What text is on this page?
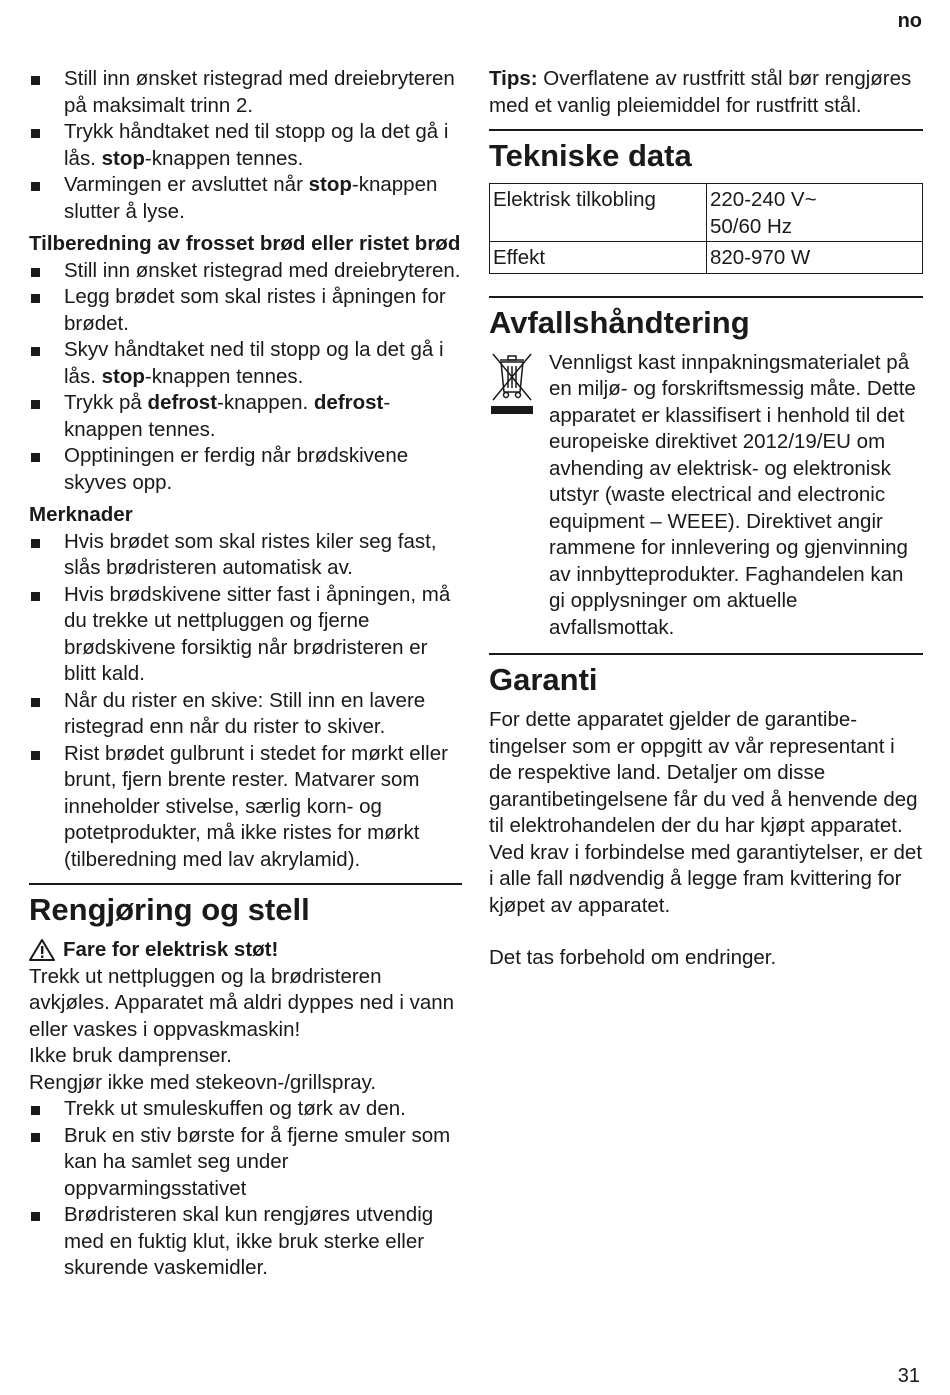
no
Still inn ønsket ristegrad med dreiebryteren på maksimalt trinn 2.
Trykk håndtaket ned til stopp og la det gå i lås. stop-knappen tennes.
Varmingen er avsluttet når stop-knappen slutter å lyse.
Tilberedning av frosset brød eller ristet brød
Still inn ønsket ristegrad med dreiebryteren.
Legg brødet som skal ristes i åpningen for brødet.
Skyv håndtaket ned til stopp og la det gå i lås. stop-knappen tennes.
Trykk på defrost-knappen. defrost-knappen tennes.
Opptiningen er ferdig når brødskivene skyves opp.
Merknader
Hvis brødet som skal ristes kiler seg fast, slås brødristeren automatisk av.
Hvis brødskivene sitter fast i åpningen, må du trekke ut nettpluggen og fjerne brødskivene forsiktig når brødristeren er blitt kald.
Når du rister en skive: Still inn en lavere ristegrad enn når du rister to skiver.
Rist brødet gulbrunt i stedet for mørkt eller brunt, fjern brente rester. Matvarer som inneholder stivelse, særlig korn- og potetprodukter, må ikke ristes for mørkt (tilberedning med lav akrylamid).
Rengjøring og stell
Fare for elektrisk støt!

Trekk ut nettpluggen og la brødristeren avkjøles. Apparatet må aldri dyppes ned i vann eller vaskes i oppvaskmaskin!

Ikke bruk damprenser.

Rengjør ikke med stekeovn-/grillspray.

Trekk ut smuleskuffen og tørk av den.
Bruk en stiv børste for å fjerne smuler som kan ha samlet seg under oppvarmingsstativet
Brødristeren skal kun rengjøres utvendig med en fuktig klut, ikke bruk sterke eller skurende vaskemidler.

Tips: Overflatene av rustfritt stål bør rengjøres med et vanlig pleiemiddel for rustfritt stål.

Tekniske data
Elektrisk tilkobling	220-240 V~
50/60 Hz

Effekt	820-970 W
Avfallshåndtering

Vennligst kast innpakningsmaterialet på en miljø- og forskriftsmessig måte. Dette apparatet er klassifisert i henhold til det europeiske direktivet 2012/19/EU om avhending av elektrisk- og elektronisk utstyr (waste electrical and electronic equipment – WEEE). Direktivet angir rammene for innlevering og gjenvinning av innbytteprodukter. Faghandelen kan gi opplysninger om aktuelle avfallsmottak.

Garanti

For dette apparatet gjelder de garantibetingelser som er oppgitt av vår representant i de respektive land. Detaljer om disse garantibetingelsene får du ved å henvende deg til elektrohandelen der du har kjøpt apparatet. Ved krav i forbindelse med garantiytelser, er det i alle fall nødvendig å legge fram kvittering for kjøpet av apparatet.

Det tas forbehold om endringer.

31
